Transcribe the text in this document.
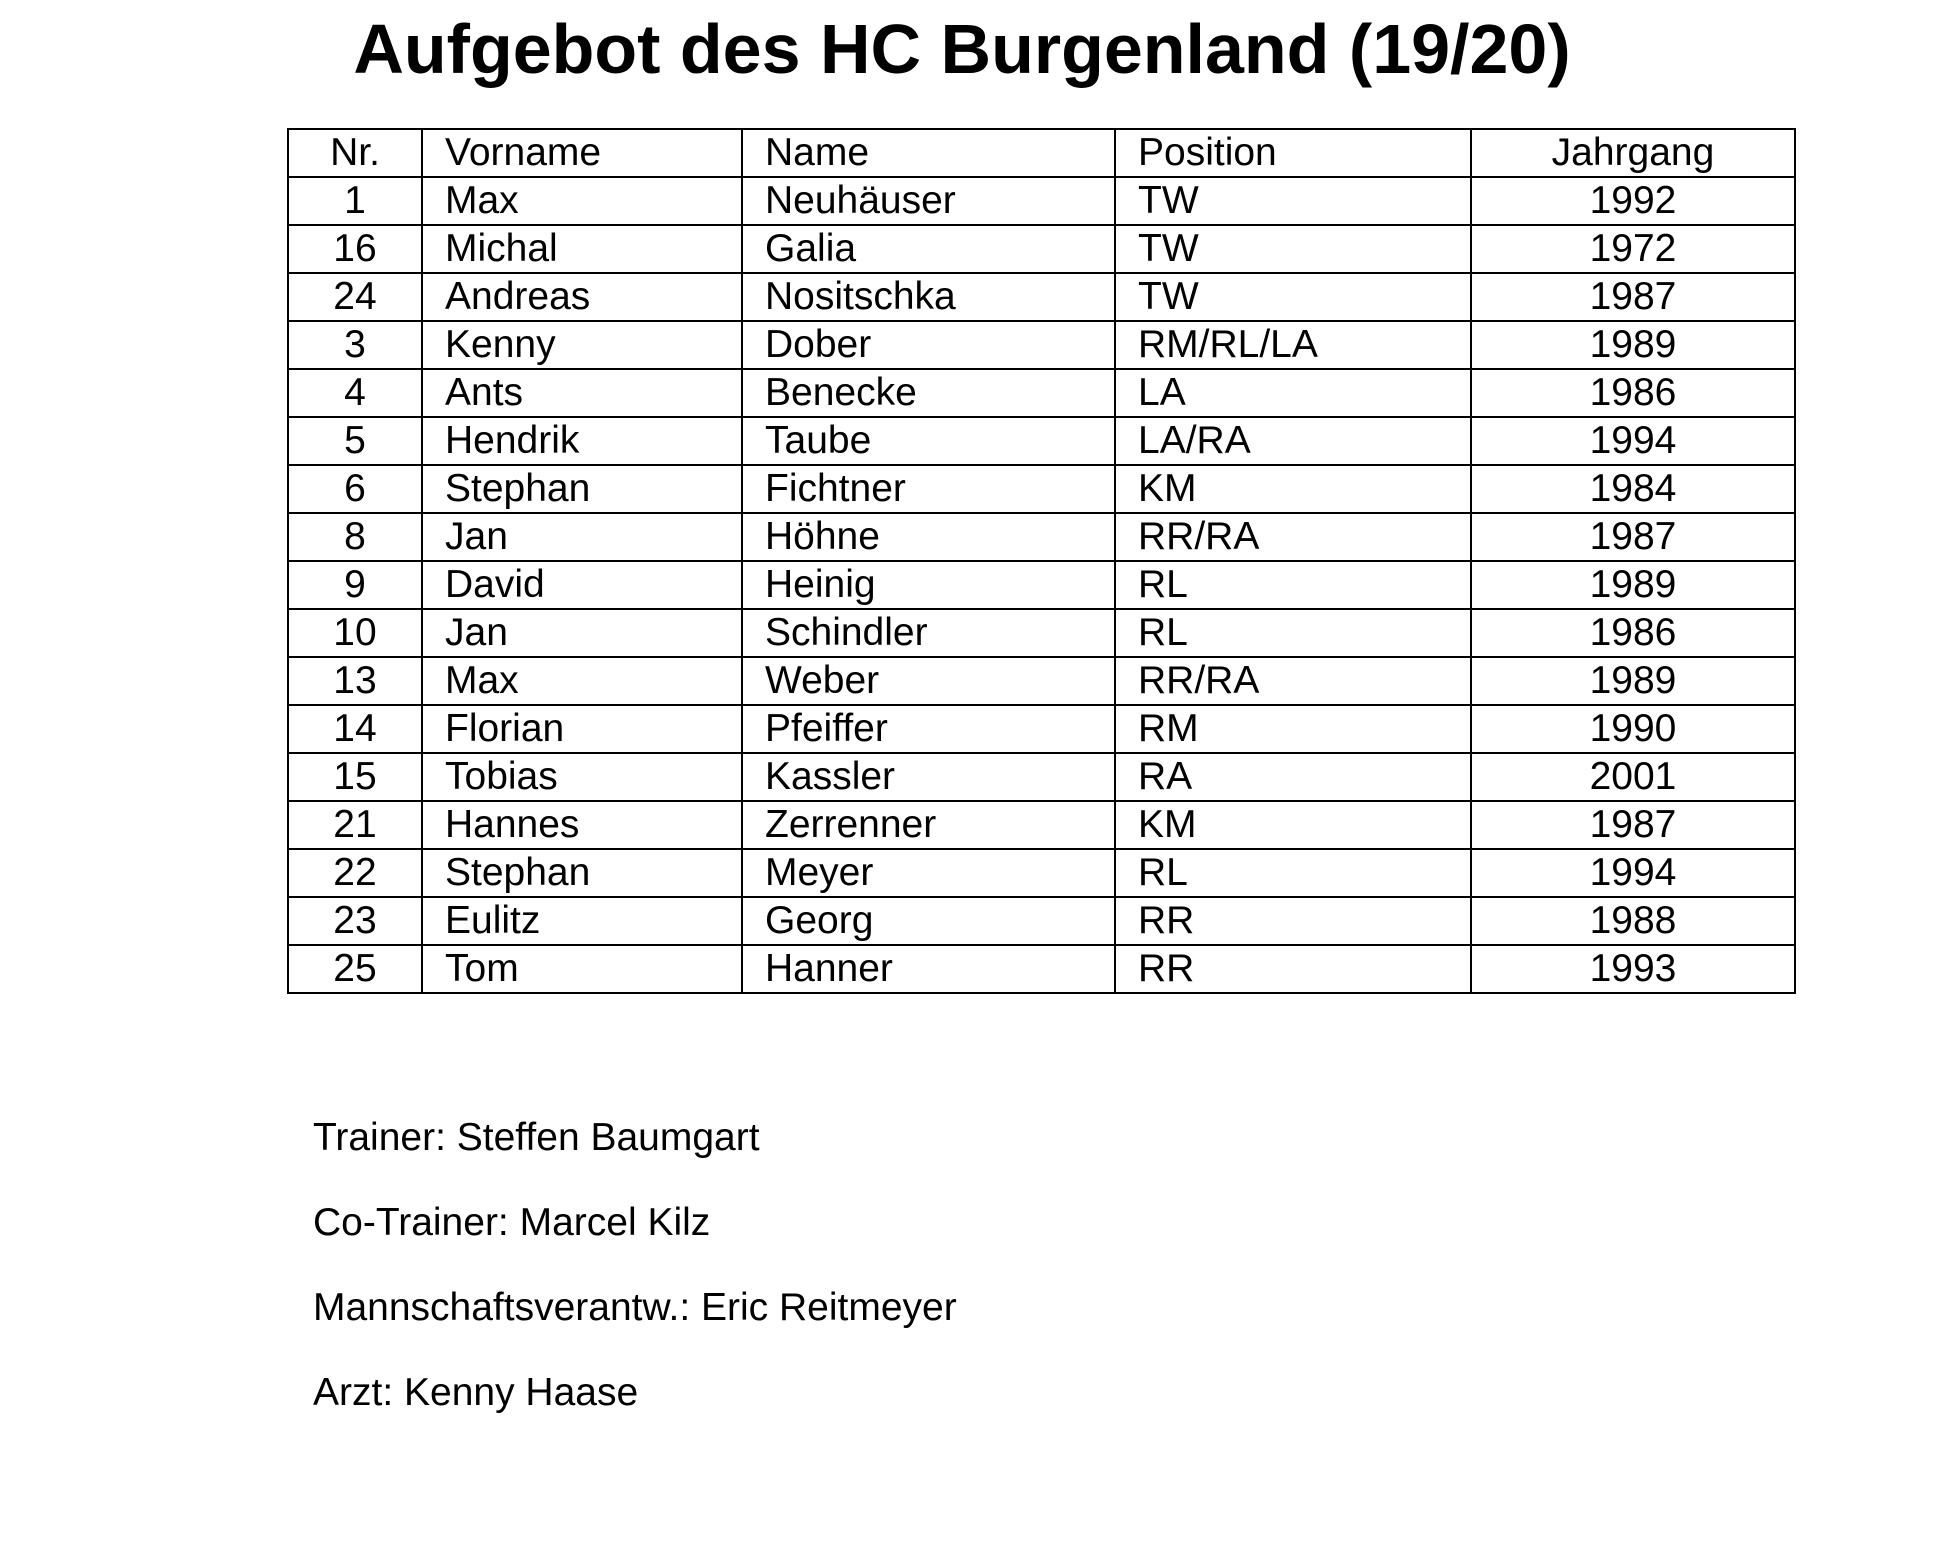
Aufgebot des HC Burgenland (19/20)
Nr.	Vorname	Name	Position	Jahrgang
1	Max	Neuhäuser	TW	1992
16	Michal	Galia	TW	1972
24	Andreas	Nositschka	TW	1987
3	Kenny	Dober	RM/RL/LA	1989
4	Ants	Benecke	LA	1986
5	Hendrik	Taube	LA/RA	1994
6	Stephan	Fichtner	KM	1984
8	Jan	Höhne	RR/RA	1987
9	David	Heinig	RL	1989
10	Jan	Schindler	RL	1986
13	Max	Weber	RR/RA	1989
14	Florian	Pfeiffer	RM	1990
15	Tobias	Kassler	RA	2001
21	Hannes	Zerrenner	KM	1987
22	Stephan	Meyer	RL	1994
23	Eulitz	Georg	RR	1988
25	Tom	Hanner	RR	1993
Trainer: Steffen Baumgart
Co-Trainer: Marcel Kilz
Mannschaftsverantw.: Eric Reitmeyer
Arzt: Kenny Haase
